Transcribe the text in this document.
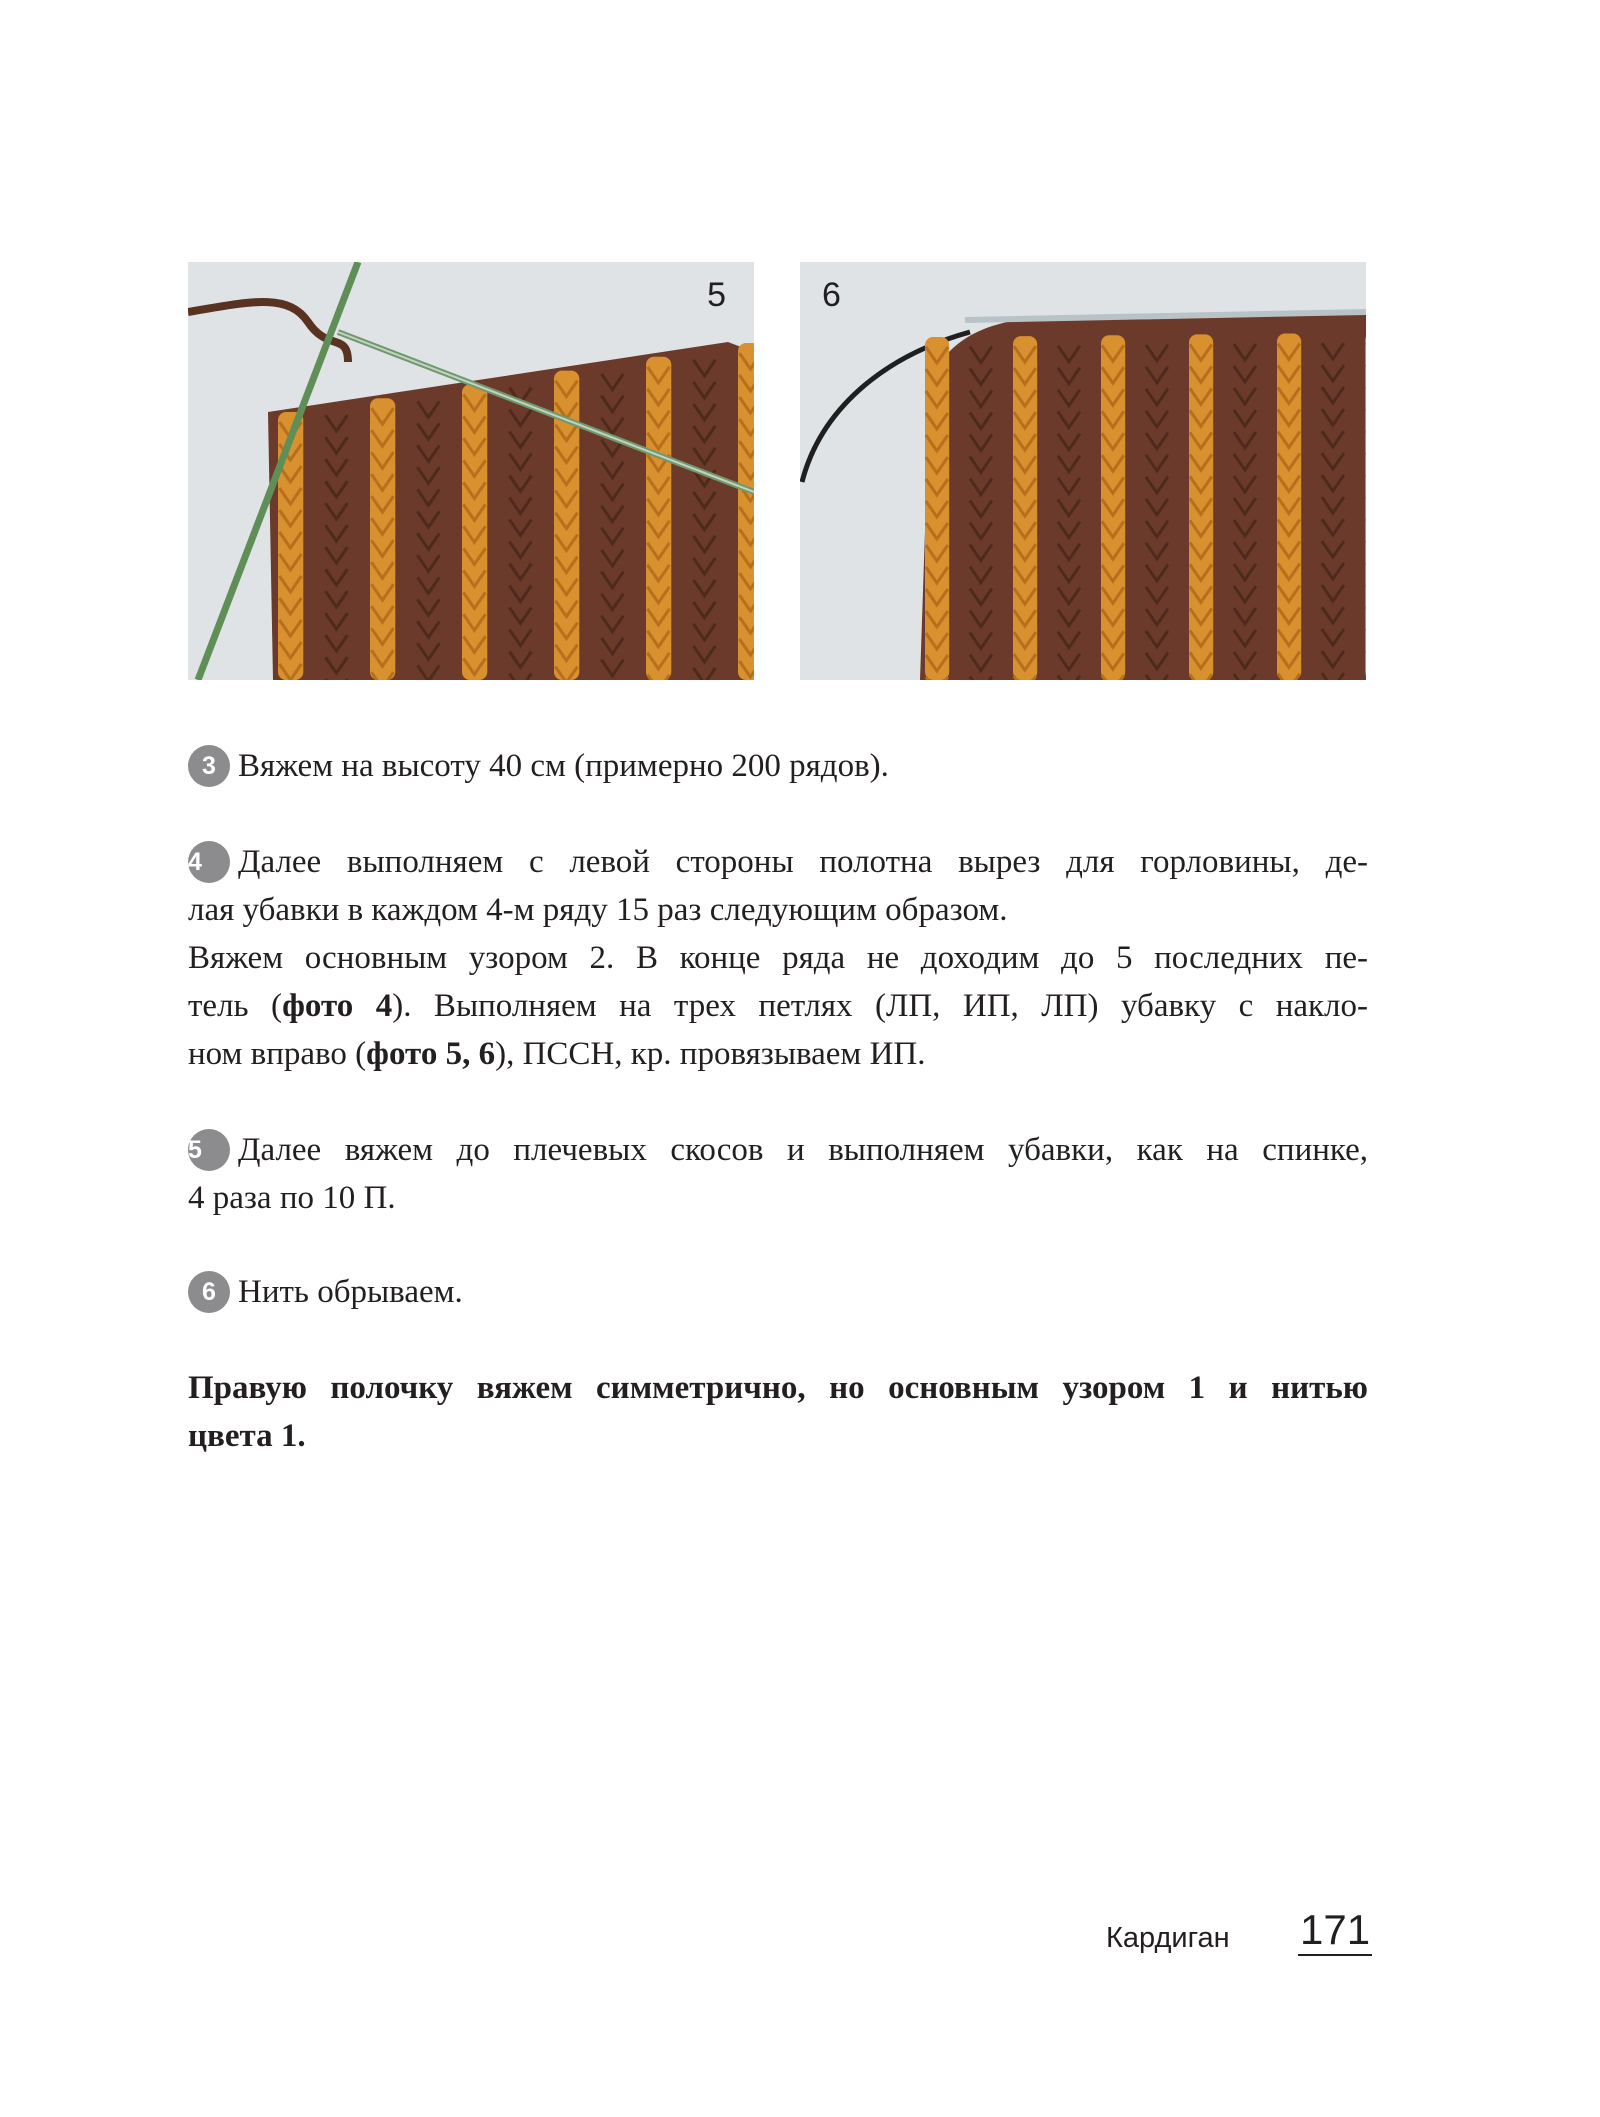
5	6
3 Вяжем на высоту 40 см (примерно 200 рядов).
4 Далее выполняем с левой стороны полотна вырез для горловины, де-
лая убавки в каждом 4-м ряду 15 раз следующим образом.
Вяжем основным узором 2. В конце ряда не доходим до 5 последних пе-
тель (фото 4). Выполняем на трех петлях (ЛП, ИП, ЛП) убавку с накло-
ном вправо (фото 5, 6), ПССН, кр. провязываем ИП.
5 Далее вяжем до плечевых скосов и выполняем убавки, как на спинке,
4 раза по 10 П.
6 Нить обрываем.
Правую полочку вяжем симметрично, но основным узором 1 и нитью
цвета 1.
Кардиган 171
